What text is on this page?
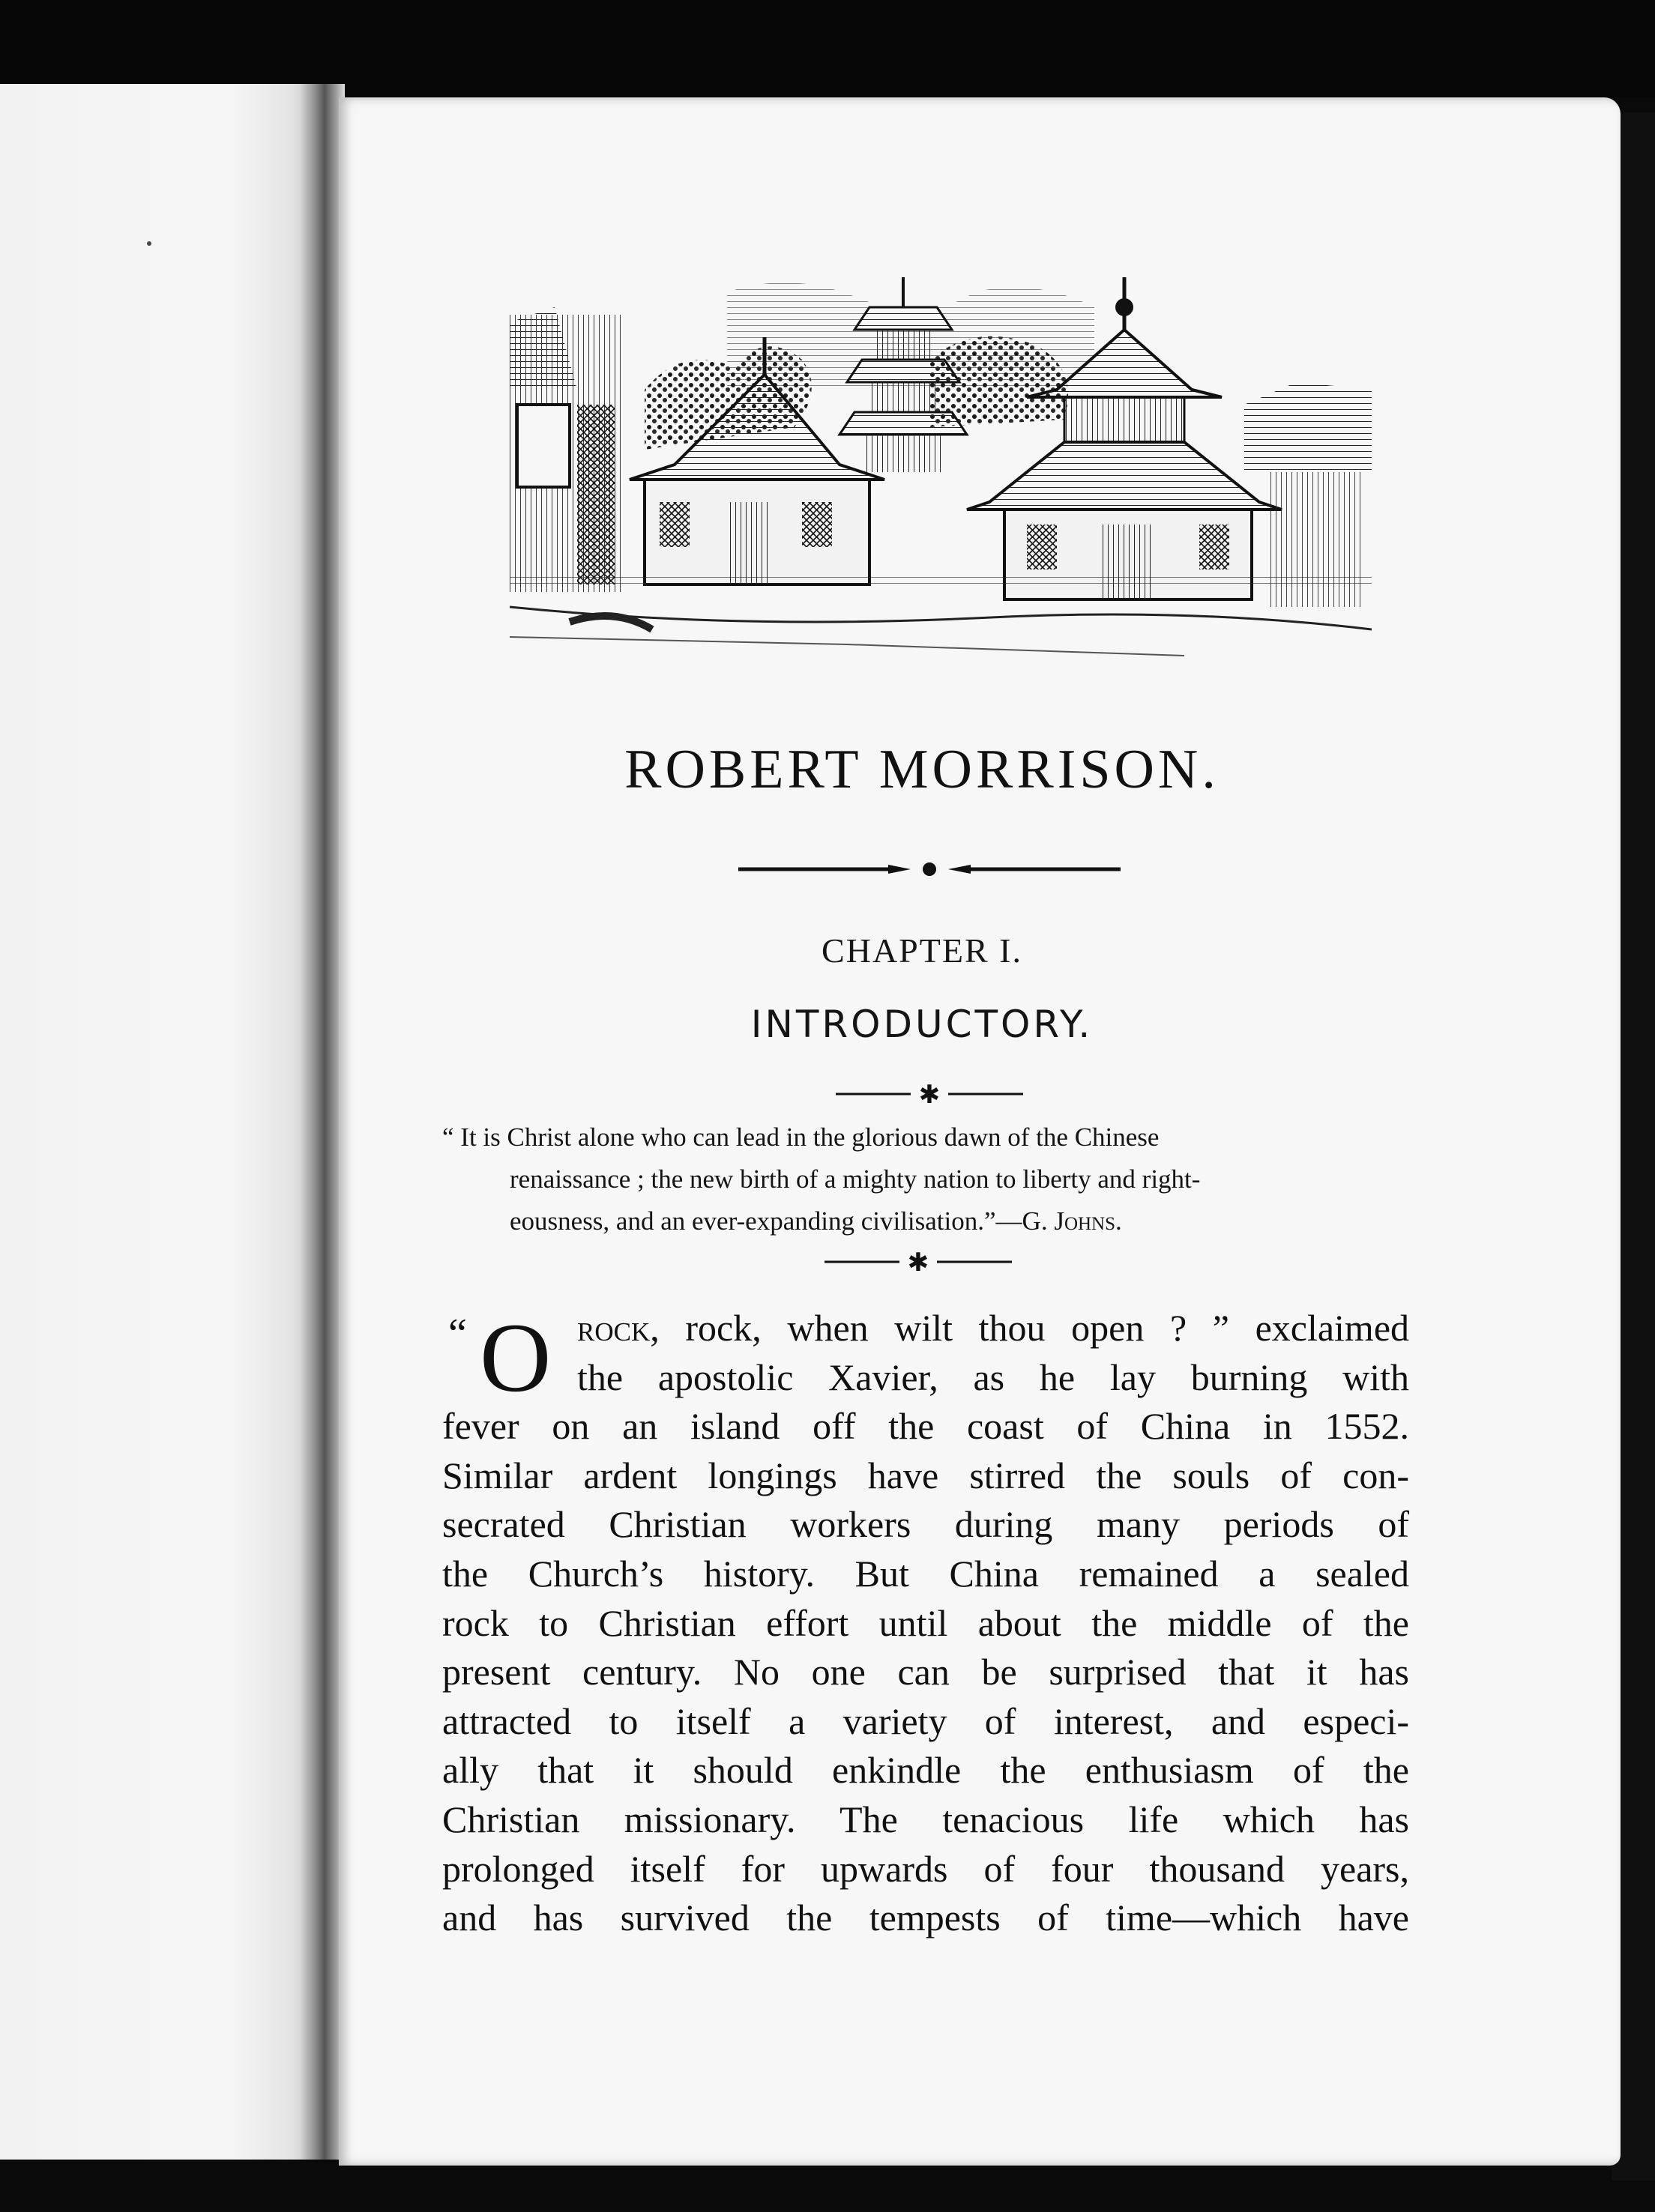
ROBERT MORRISON.
CHAPTER I.
INTRODUCTORY.
✱
“ It is Christ alone who can lead in the glorious dawn of the Chinese
renaissance ; the new birth of a mighty nation to liberty and right-
eousness, and an ever-expanding civilisation.”—G. Johns.
✱
“ O rock, rock, when wilt thou open ? ” exclaimed
the apostolic Xavier, as he lay burning with
fever on an island off the coast of China in 1552.
Similar ardent longings have stirred the souls of con-
secrated Christian workers during many periods of
the Church’s history. But China remained a sealed
rock to Christian effort until about the middle of the
present century. No one can be surprised that it has
attracted to itself a variety of interest, and especi-
ally that it should enkindle the enthusiasm of the
Christian missionary. The tenacious life which has
prolonged itself for upwards of four thousand years,
and has survived the tempests of time—which have
